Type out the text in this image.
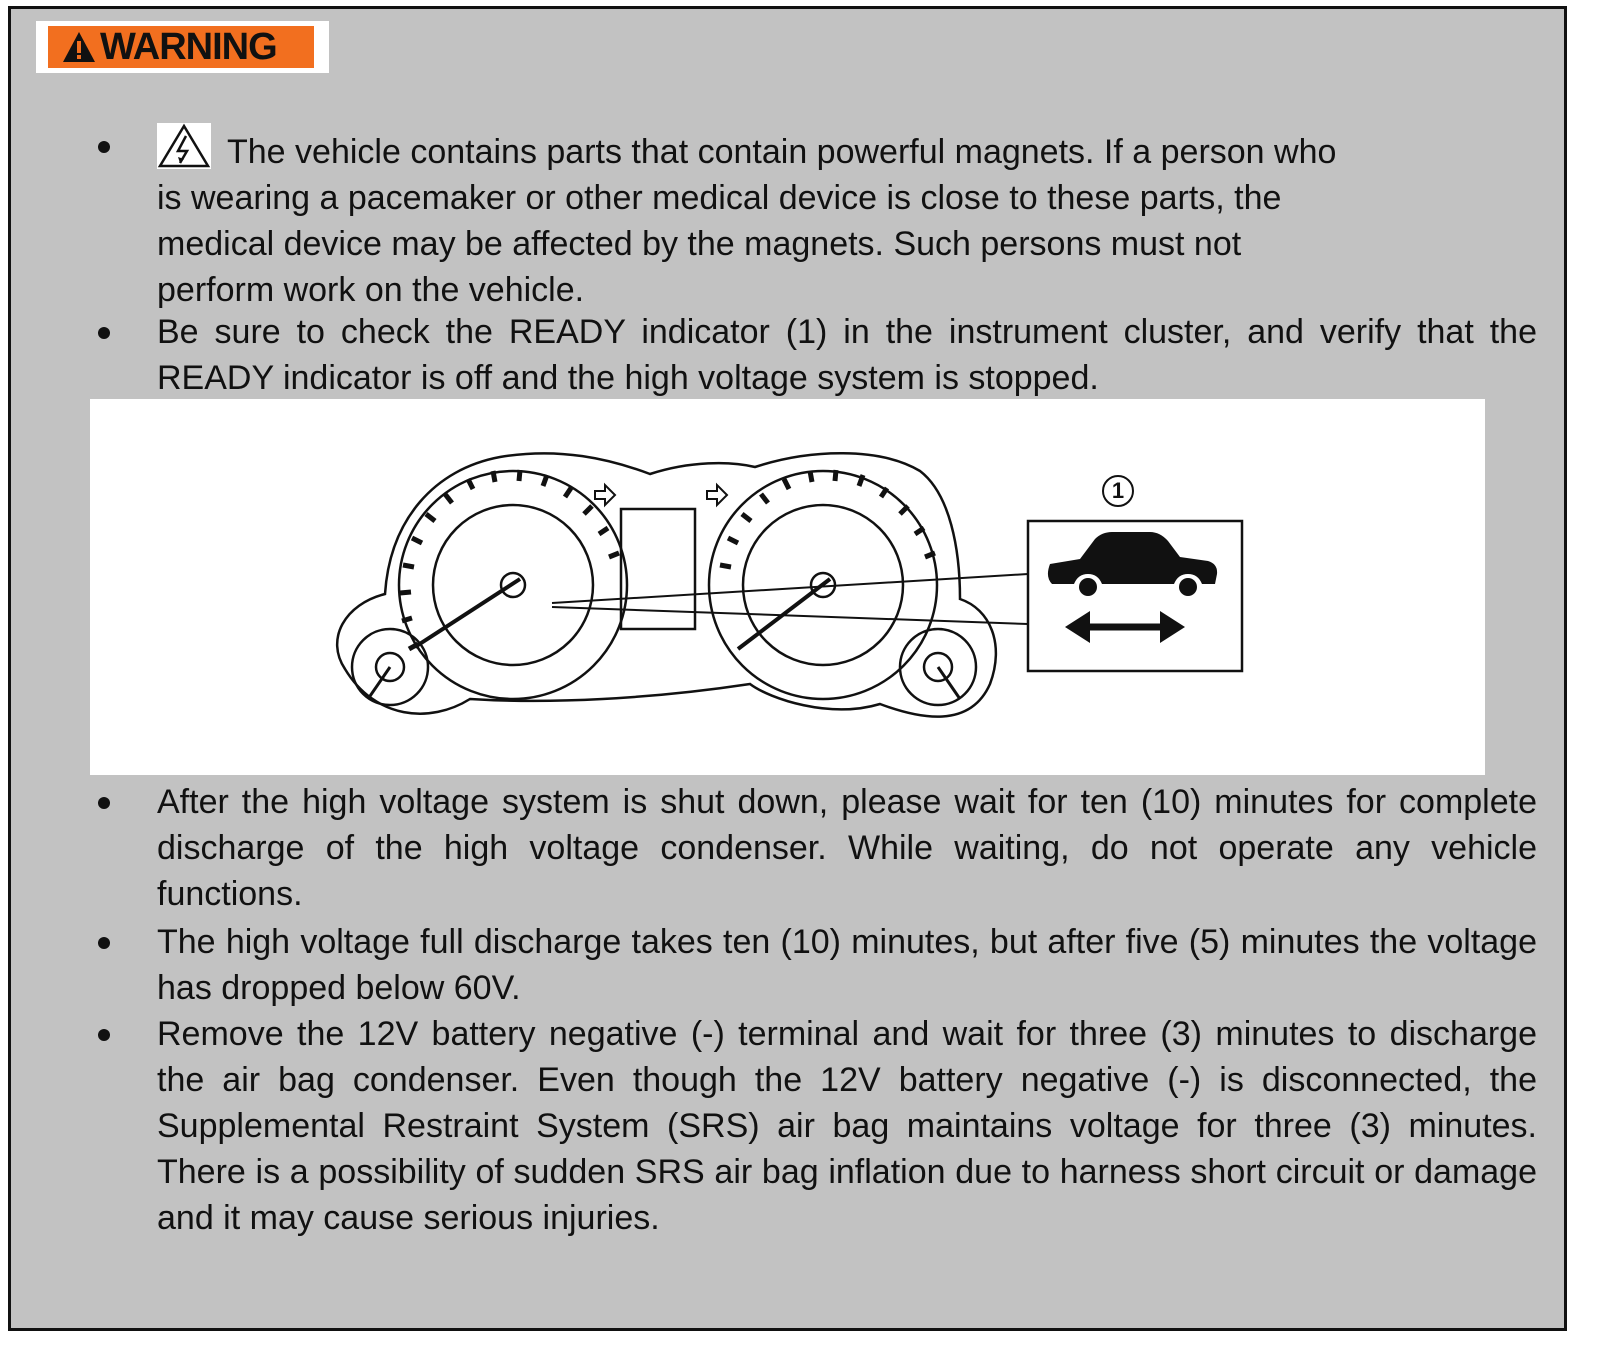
WARNING
The vehicle contains parts that contain powerful magnets. If a person who
is wearing a pacemaker or other medical device is close to these parts, the
medical device may be affected by the magnets. Such persons must not
perform work on the vehicle.

Be sure to check the READY indicator (1) in the instrument cluster, and verify that the READY indicator is off and the high voltage system is stopped.

1

After the high voltage system is shut down, please wait for ten (10) minutes for complete discharge of the high voltage condenser. While waiting, do not operate any vehicle functions.

The high voltage full discharge takes ten (10) minutes, but after five (5) minutes the voltage has dropped below 60V.

Remove the 12V battery negative (-) terminal and wait for three (3) minutes to discharge the air bag condenser. Even though the 12V battery negative (-) is disconnected, the Supplemental Restraint System (SRS) air bag maintains voltage for three (3) minutes. There is a possibility of sudden SRS air bag inflation due to harness short circuit or damage and it may cause serious injuries.
